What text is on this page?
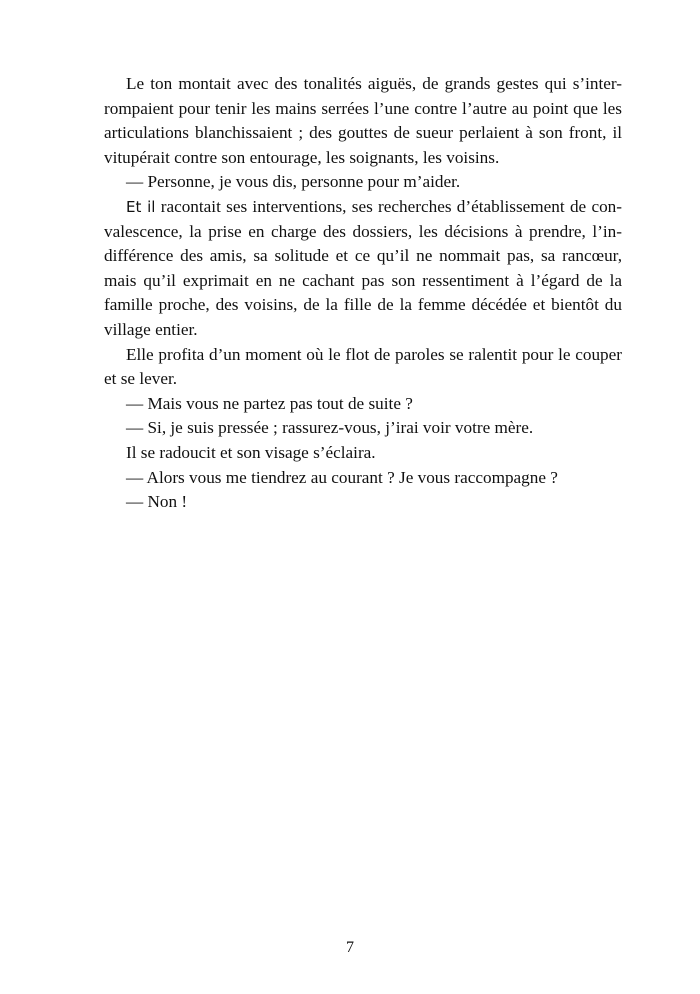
Le ton montait avec des tonalités aiguës, de grands gestes qui s’inter-
rompaient pour tenir les mains serrées l’une contre l’autre au point que les
articulations blanchissaient ; des gouttes de sueur perlaient à son front, il
vitupérait contre son entourage, les soignants, les voisins.
— Personne, je vous dis, personne pour m’aider.
Et il racontait ses interventions, ses recherches d’établissement de con-
valescence, la prise en charge des dossiers, les décisions à prendre, l’in-
différence des amis, sa solitude et ce qu’il ne nommait pas, sa rancœur,
mais qu’il exprimait en ne cachant pas son ressentiment à l’égard de la
famille proche, des voisins, de la fille de la femme décédée et bientôt du
village entier.
Elle profita d’un moment où le flot de paroles se ralentit pour le couper
et se lever.
— Mais vous ne partez pas tout de suite ?
— Si, je suis pressée ; rassurez-vous, j’irai voir votre mère.
Il se radoucit et son visage s’éclaira.
— Alors vous me tiendrez au courant ? Je vous raccompagne ?
— Non !
7
